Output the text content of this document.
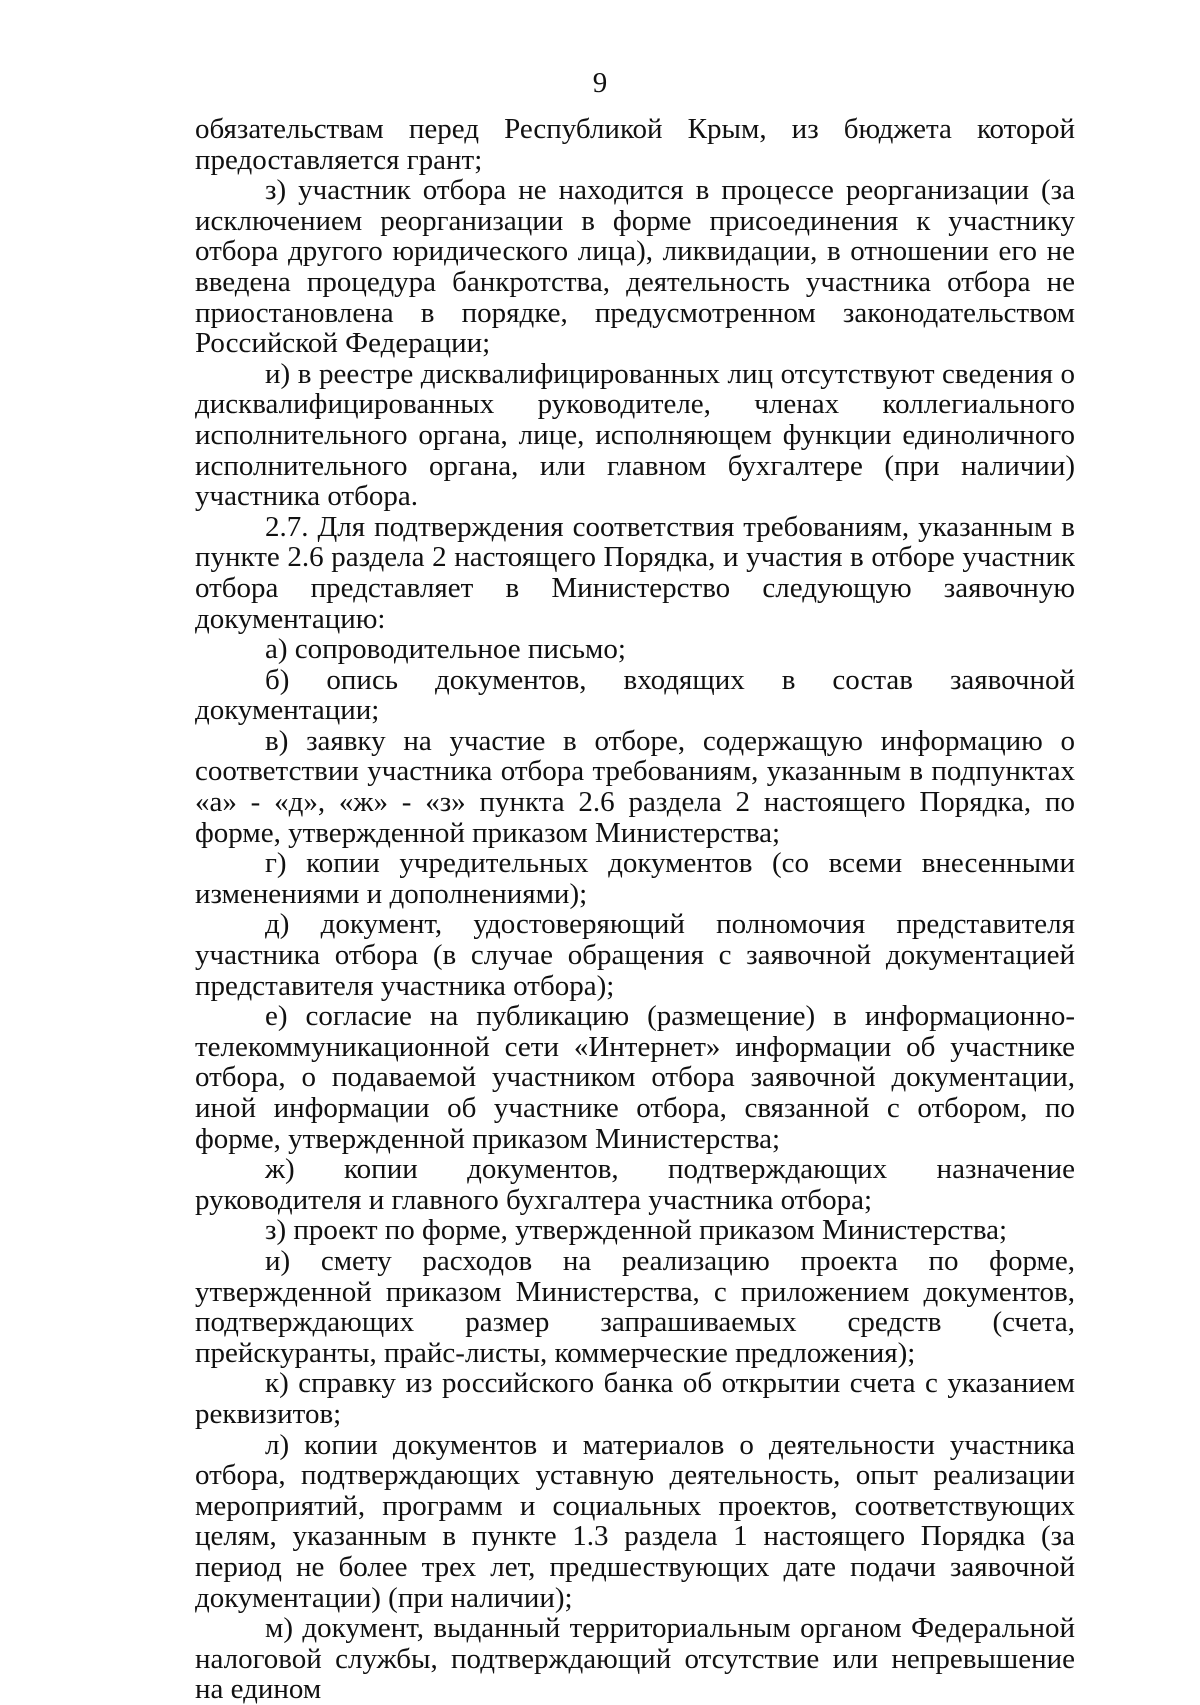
9

обязательствам перед Республикой Крым, из бюджета которой предоставляется грант;

з) участник отбора не находится в процессе реорганизации (за исключением реорганизации в форме присоединения к участнику отбора другого юридического лица), ликвидации, в отношении его не введена процедура банкротства, деятельность участника отбора не приостановлена в порядке, предусмотренном законодательством Российской Федерации;

и) в реестре дисквалифицированных лиц отсутствуют сведения о дисквалифицированных руководителе, членах коллегиального исполнительного органа, лице, исполняющем функции единоличного исполнительного органа, или главном бухгалтере (при наличии) участника отбора.

2.7. Для подтверждения соответствия требованиям, указанным в пункте 2.6 раздела 2 настоящего Порядка, и участия в отборе участник отбора представляет в Министерство следующую заявочную документацию:

а) сопроводительное письмо;

б) опись документов, входящих в состав заявочной документации;

в) заявку на участие в отборе, содержащую информацию о соответствии участника отбора требованиям, указанным в подпунктах «а» - «д», «ж» - «з» пункта 2.6 раздела 2 настоящего Порядка, по форме, утвержденной приказом Министерства;

г) копии учредительных документов (со всеми внесенными изменениями и дополнениями);

д) документ, удостоверяющий полномочия представителя участника отбора (в случае обращения с заявочной документацией представителя участника отбора);

е) согласие на публикацию (размещение) в информационно-телекоммуникационной сети «Интернет» информации об участнике отбора, о подаваемой участником отбора заявочной документации, иной информации об участнике отбора, связанной с отбором, по форме, утвержденной приказом Министерства;

ж) копии документов, подтверждающих назначение руководителя и главного бухгалтера участника отбора;

з) проект по форме, утвержденной приказом Министерства;

и) смету расходов на реализацию проекта по форме, утвержденной приказом Министерства, с приложением документов, подтверждающих размер запрашиваемых средств (счета, прейскуранты, прайс-листы, коммерческие предложения);

к) справку из российского банка об открытии счета с указанием реквизитов;

л) копии документов и материалов о деятельности участника отбора, подтверждающих уставную деятельность, опыт реализации мероприятий, программ и социальных проектов, соответствующих целям, указанным в пункте 1.3 раздела 1 настоящего Порядка (за период не более трех лет, предшествующих дате подачи заявочной документации) (при наличии);

м) документ, выданный территориальным органом Федеральной налоговой службы, подтверждающий отсутствие или непревышение на едином
